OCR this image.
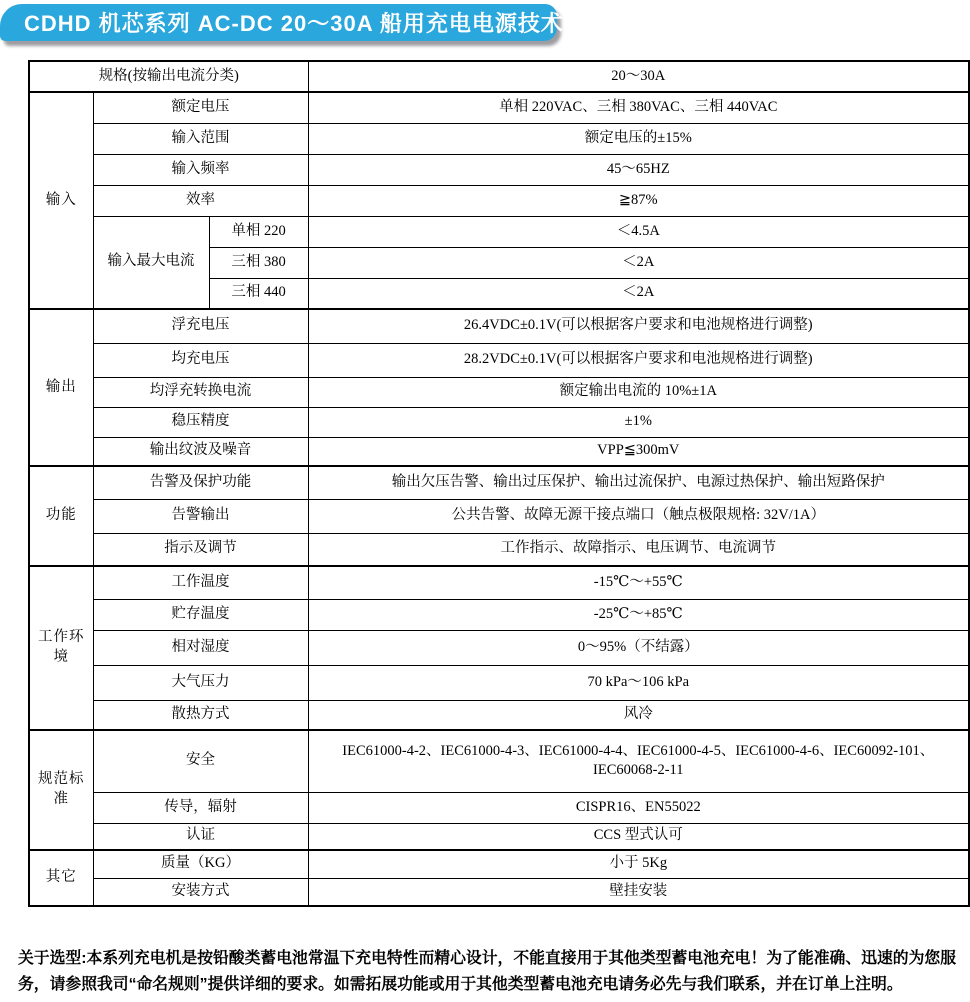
CDHD 机芯系列 AC-DC 20～30A 船用充电电源技术参数
规格(按输出电流分类)			20～30A
输入	额定电压		单相 220VAC、三相 380VAC、三相 440VAC
	输入范围		额定电压的±15%
	输入频率		45～65HZ
	效率		≧87%
	输入最大电流	单相 220	＜4.5A
		三相 380	＜2A
		三相 440	＜2A
输出	浮充电压		26.4VDC±0.1V(可以根据客户要求和电池规格进行调整)
	均充电压		28.2VDC±0.1V(可以根据客户要求和电池规格进行调整)
	均浮充转换电流		额定输出电流的 10%±1A
	稳压精度		±1%
	输出纹波及噪音		VPP≦300mV
功能	告警及保护功能		输出欠压告警、输出过压保护、输出过流保护、电源过热保护、输出短路保护
	告警输出		公共告警、故障无源干接点端口（触点极限规格: 32V/1A）
	指示及调节		工作指示、故障指示、电压调节、电流调节
工作环境	工作温度		-15℃～+55℃
	贮存温度		-25℃～+85℃
	相对湿度		0～95%（不结露）
	大气压力		70 kPa～106 kPa
	散热方式		风冷
规范标准	安全		IEC61000-4-2、IEC61000-4-3、IEC61000-4-4、IEC61000-4-5、IEC61000-4-6、IEC60092-101、IEC60068-2-11
	传导，辐射		CISPR16、EN55022
	认证		CCS 型式认可
其它	质量（KG）		小于 5Kg
	安装方式		壁挂安装
关于选型:本系列充电机是按铅酸类蓄电池常温下充电特性而精心设计，不能直接用于其他类型蓄电池充电！为了能准确、迅速的为您服务，请参照我司“命名规则”提供详细的要求。如需拓展功能或用于其他类型蓄电池充电请务必先与我们联系，并在订单上注明。
